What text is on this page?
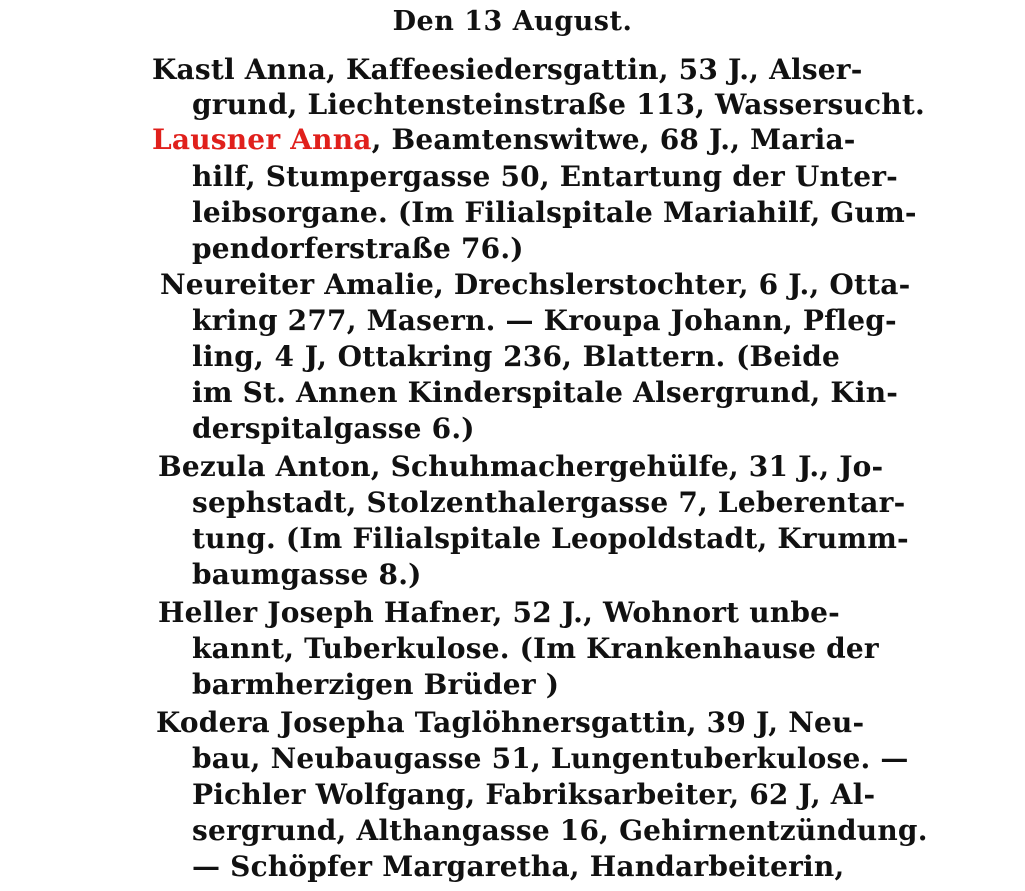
Den 13 August.
Kastl Anna, Kaffeesiedersgattin, 53 J., Alser-
grund, Liechtensteinstraße 113, Wassersucht.
Lausner Anna, Beamtenswitwe, 68 J., Maria-
hilf, Stumpergasse 50, Entartung der Unter-
leibsorgane. (Im Filialspitale Mariahilf, Gum-
pendorferstraße 76.)
Neureiter Amalie, Drechslerstochter, 6 J., Otta-
kring 277, Masern. — Kroupa Johann, Pfleg-
ling, 4 J, Ottakring 236, Blattern. (Beide
im St. Annen Kinderspitale Alsergrund, Kin-
derspitalgasse 6.)
Bezula Anton, Schuhmachergehülfe, 31 J., Jo-
sephstadt, Stolzenthalergasse 7, Leberentar-
tung. (Im Filialspitale Leopoldstadt, Krumm-
baumgasse 8.)
Heller Joseph Hafner, 52 J., Wohnort unbe-
kannt, Tuberkulose. (Im Krankenhause der
barmherzigen Brüder )
Kodera Josepha Taglöhnersgattin, 39 J, Neu-
bau, Neubaugasse 51, Lungentuberkulose. —
Pichler Wolfgang, Fabriksarbeiter, 62 J, Al-
sergrund, Althangasse 16, Gehirnentzündung.
— Schöpfer Margaretha, Handarbeiterin,
